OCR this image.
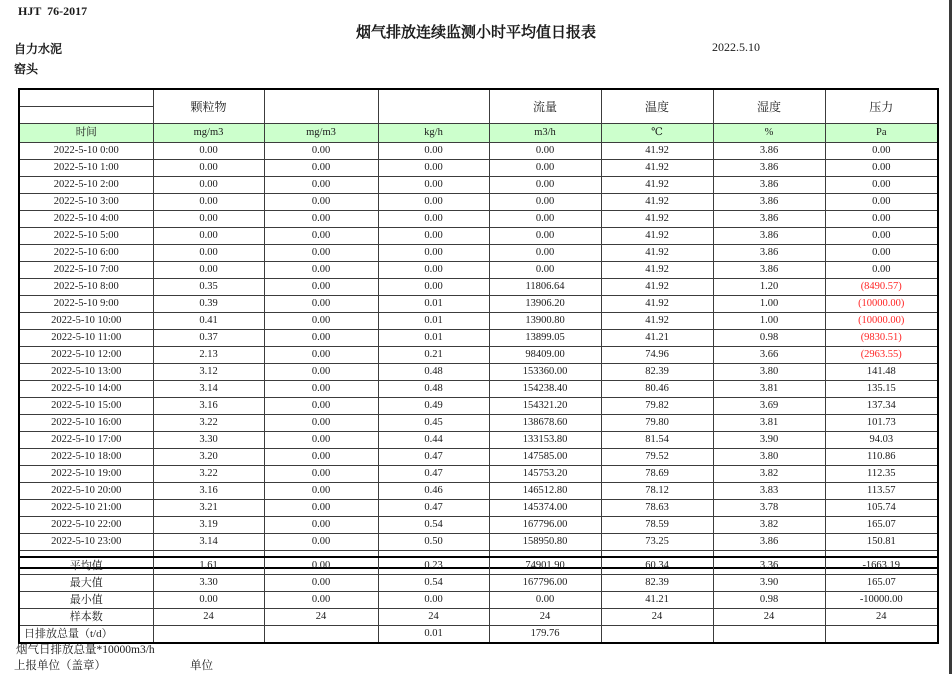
HJT  76-2017
烟气排放连续监测小时平均值日报表
2022.5.10
自力水泥
窑头
	颗粒物			流量	温度	湿度	压力

时间	mg/m3	mg/m3	kg/h	m3/h	℃	%	Pa
2022-5-10 0:00	0.00	0.00	0.00	0.00	41.92	3.86	0.00
2022-5-10 1:00	0.00	0.00	0.00	0.00	41.92	3.86	0.00
2022-5-10 2:00	0.00	0.00	0.00	0.00	41.92	3.86	0.00
2022-5-10 3:00	0.00	0.00	0.00	0.00	41.92	3.86	0.00
2022-5-10 4:00	0.00	0.00	0.00	0.00	41.92	3.86	0.00
2022-5-10 5:00	0.00	0.00	0.00	0.00	41.92	3.86	0.00
2022-5-10 6:00	0.00	0.00	0.00	0.00	41.92	3.86	0.00
2022-5-10 7:00	0.00	0.00	0.00	0.00	41.92	3.86	0.00
2022-5-10 8:00	0.35	0.00	0.00	11806.64	41.92	1.20	(8490.57)
2022-5-10 9:00	0.39	0.00	0.01	13906.20	41.92	1.00	(10000.00)
2022-5-10 10:00	0.41	0.00	0.01	13900.80	41.92	1.00	(10000.00)
2022-5-10 11:00	0.37	0.00	0.01	13899.05	41.21	0.98	(9830.51)
2022-5-10 12:00	2.13	0.00	0.21	98409.00	74.96	3.66	(2963.55)
2022-5-10 13:00	3.12	0.00	0.48	153360.00	82.39	3.80	141.48
2022-5-10 14:00	3.14	0.00	0.48	154238.40	80.46	3.81	135.15
2022-5-10 15:00	3.16	0.00	0.49	154321.20	79.82	3.69	137.34
2022-5-10 16:00	3.22	0.00	0.45	138678.60	79.80	3.81	101.73
2022-5-10 17:00	3.30	0.00	0.44	133153.80	81.54	3.90	94.03
2022-5-10 18:00	3.20	0.00	0.47	147585.00	79.52	3.80	110.86
2022-5-10 19:00	3.22	0.00	0.47	145753.20	78.69	3.82	112.35
2022-5-10 20:00	3.16	0.00	0.46	146512.80	78.12	3.83	113.57
2022-5-10 21:00	3.21	0.00	0.47	145374.00	78.63	3.78	105.74
2022-5-10 22:00	3.19	0.00	0.54	167796.00	78.59	3.82	165.07
2022-5-10 23:00	3.14	0.00	0.50	158950.80	73.25	3.86	150.81

平均值	1.61	0.00	0.23	74901.90	60.34	3.36	-1663.19
最大值	3.30	0.00	0.54	167796.00	82.39	3.90	165.07
最小值	0.00	0.00	0.00	0.00	41.21	0.98	-10000.00
样本数	24	24	24	24	24	24	24
日排放总量（t/d）			0.01	179.76			
烟气日排放总量*10000m3/h
上报单位（盖章）	单位
